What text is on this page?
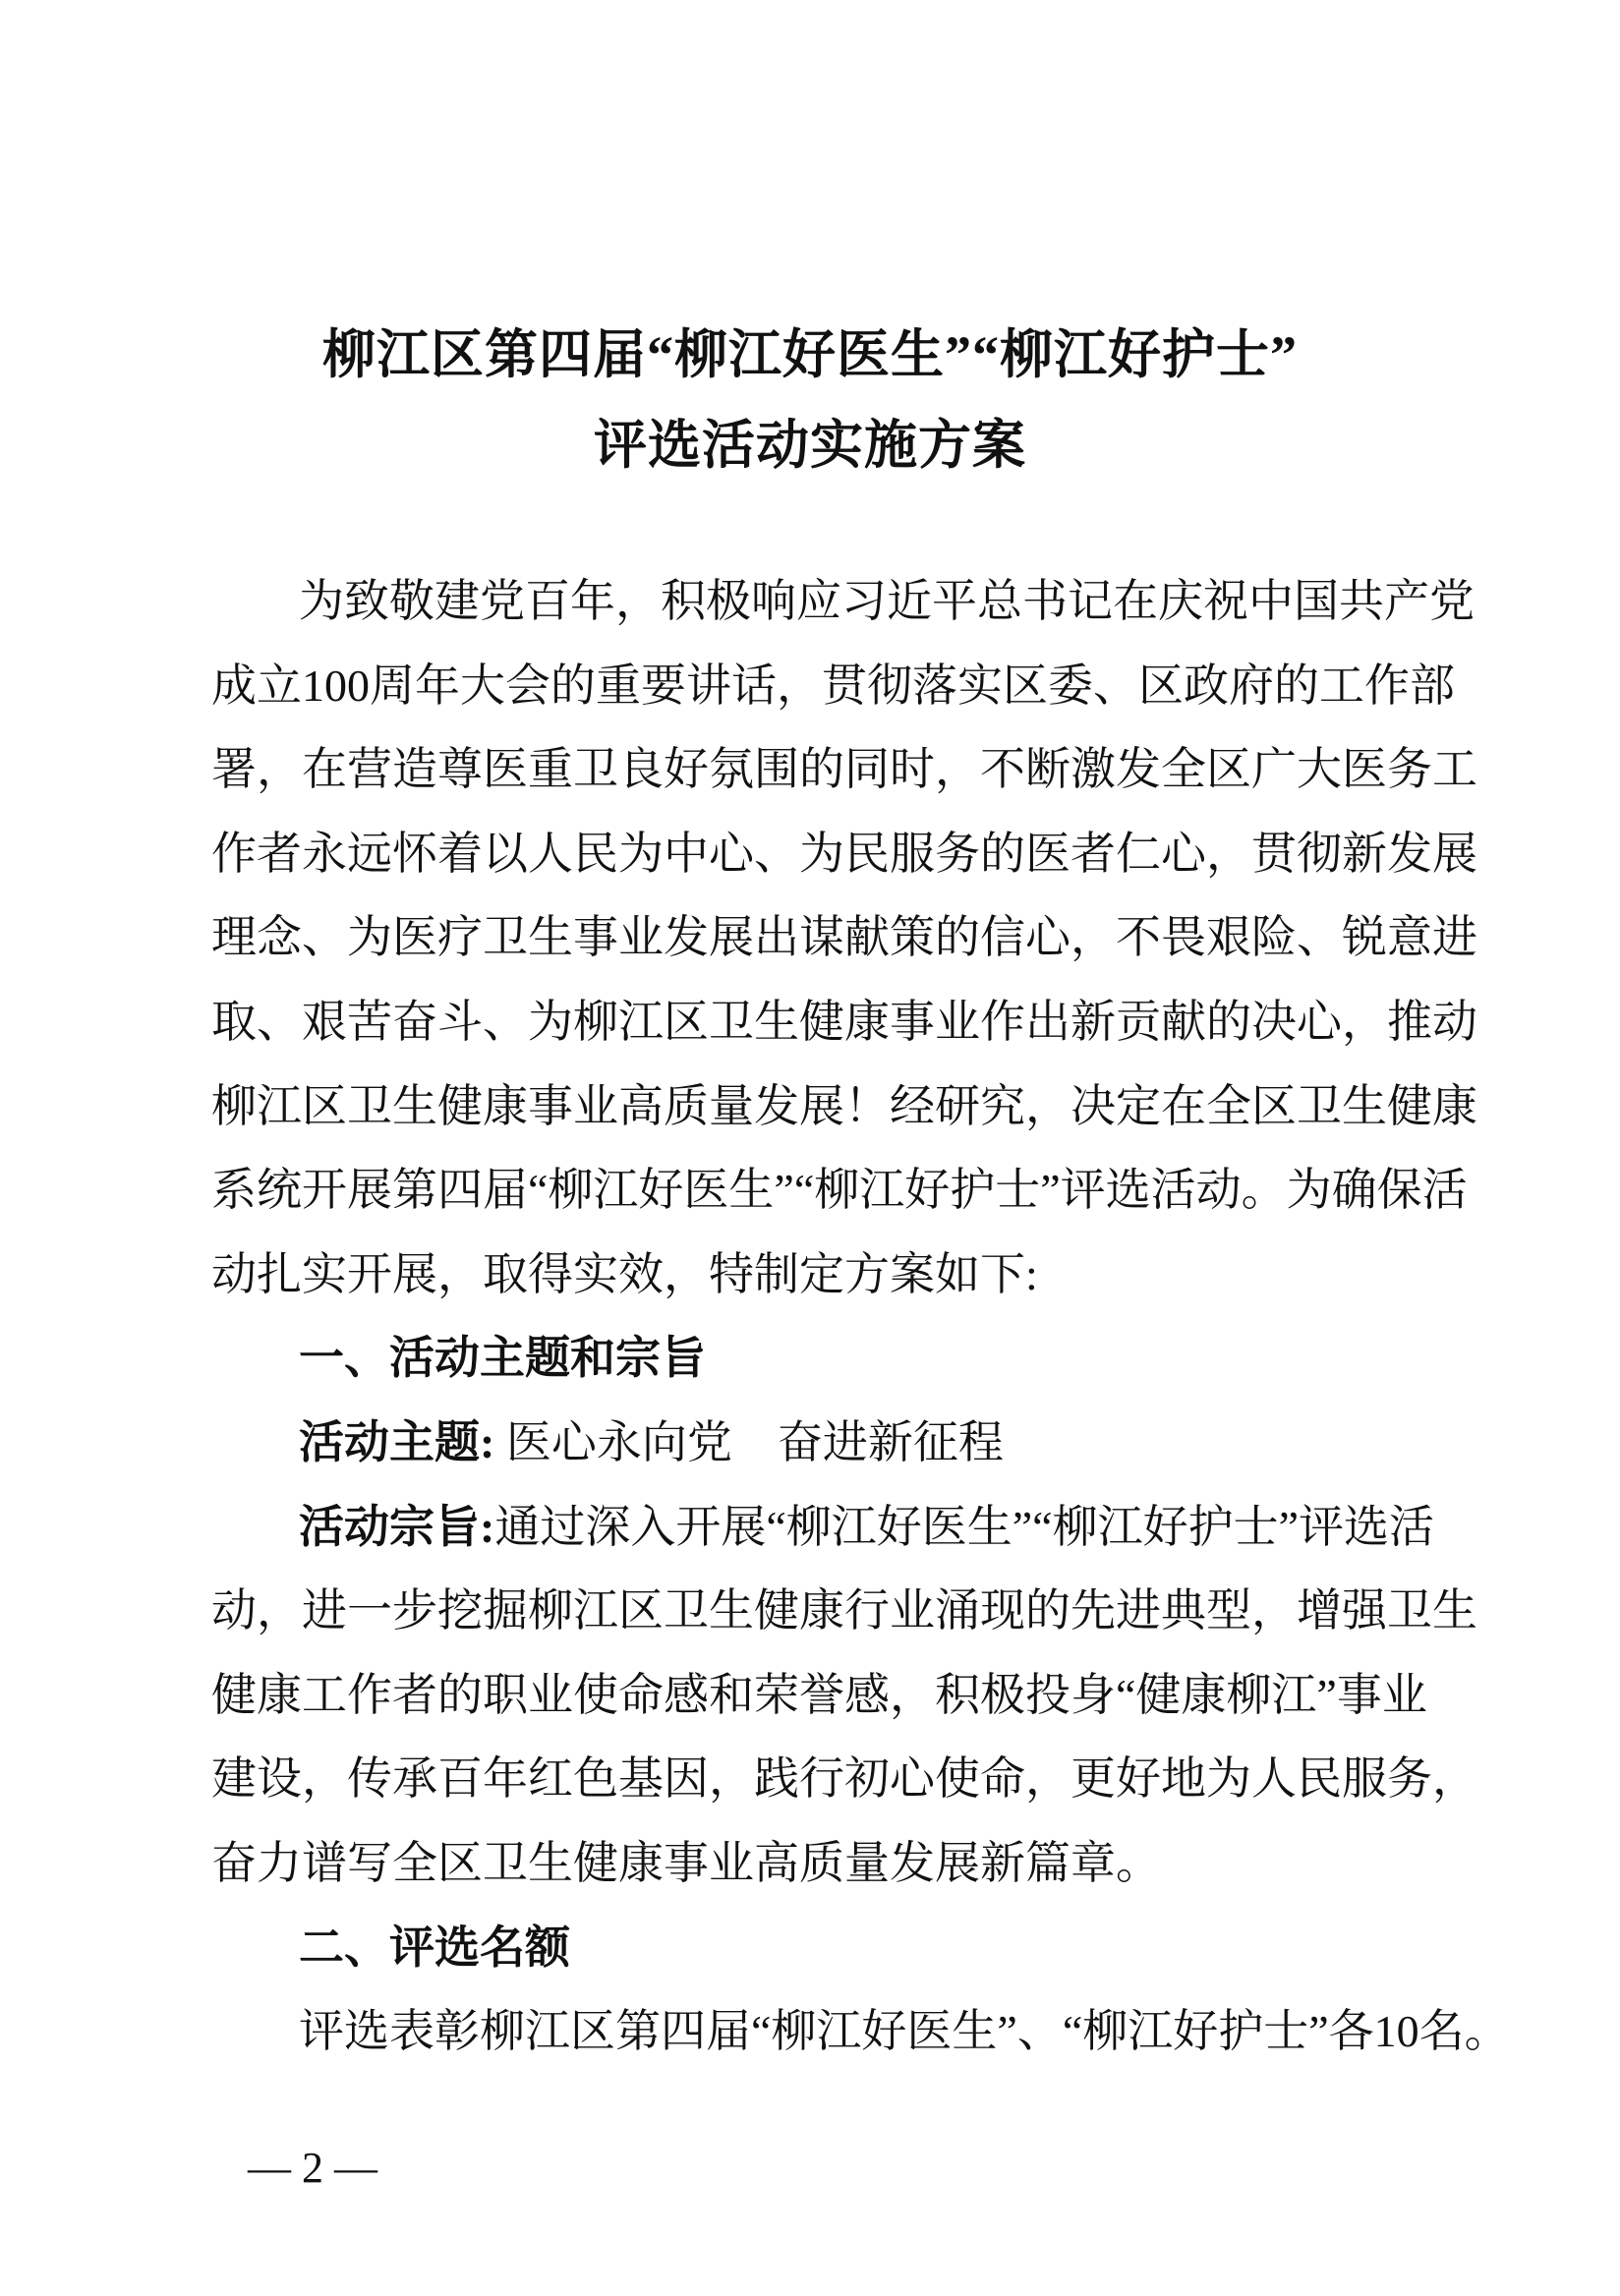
柳江区第四届“柳江好医生”“柳江好护士”
评选活动实施方案
为致敬建党百年，积极响应习近平总书记在庆祝中国共产党
成立100周年大会的重要讲话，贯彻落实区委、区政府的工作部
署，在营造尊医重卫良好氛围的同时，不断激发全区广大医务工
作者永远怀着以人民为中心、为民服务的医者仁心，贯彻新发展
理念、为医疗卫生事业发展出谋献策的信心，不畏艰险、锐意进
取、艰苦奋斗、为柳江区卫生健康事业作出新贡献的决心，推动
柳江区卫生健康事业高质量发展！经研究，决定在全区卫生健康
系统开展第四届“柳江好医生”“柳江好护士”评选活动。为确保活
动扎实开展，取得实效，特制定方案如下:
一、活动主题和宗旨
活动主题: 医心永向党　奋进新征程
活动宗旨:通过深入开展“柳江好医生”“柳江好护士”评选活
动，进一步挖掘柳江区卫生健康行业涌现的先进典型，增强卫生
健康工作者的职业使命感和荣誉感，积极投身“健康柳江”事业
建设，传承百年红色基因，践行初心使命，更好地为人民服务，
奋力谱写全区卫生健康事业高质量发展新篇章。
二、评选名额
评选表彰柳江区第四届“柳江好医生”、“柳江好护士”各10名。
— 2 —
